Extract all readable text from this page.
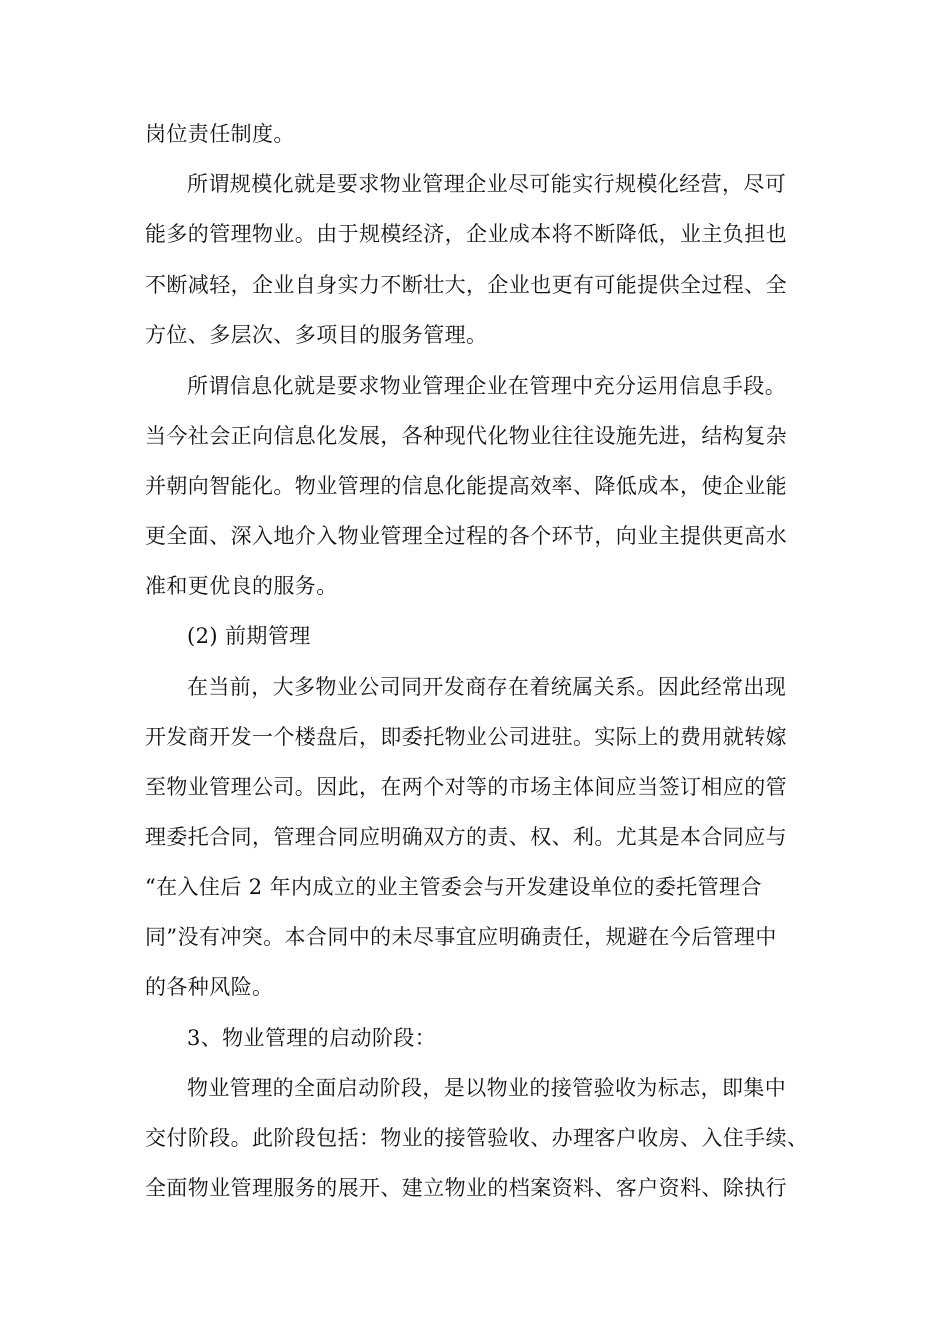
岗位责任制度。
所谓规模化就是要求物业管理企业尽可能实行规模化经营，尽可
能多的管理物业。由于规模经济，企业成本将不断降低，业主负担也
不断减轻，企业自身实力不断壮大，企业也更有可能提供全过程、全
方位、多层次、多项目的服务管理。
所谓信息化就是要求物业管理企业在管理中充分运用信息手段。
当今社会正向信息化发展，各种现代化物业往往设施先进，结构复杂
并朝向智能化。物业管理的信息化能提高效率、降低成本，使企业能
更全面、深入地介入物业管理全过程的各个环节，向业主提供更高水
准和更优良的服务。
(2) 前期管理
在当前，大多物业公司同开发商存在着统属关系。因此经常出现
开发商开发一个楼盘后，即委托物业公司进驻。实际上的费用就转嫁
至物业管理公司。因此，在两个对等的市场主体间应当签订相应的管
理委托合同，管理合同应明确双方的责、权、利。尤其是本合同应与
“在入住后 2 年内成立的业主管委会与开发建设单位的委托管理合
同”没有冲突。本合同中的未尽事宜应明确责任，规避在今后管理中
的各种风险。
3、物业管理的启动阶段：
物业管理的全面启动阶段，是以物业的接管验收为标志，即集中
交付阶段。此阶段包括：物业的接管验收、办理客户收房、入住手续、
全面物业管理服务的展开、建立物业的档案资料、客户资料、除执行
